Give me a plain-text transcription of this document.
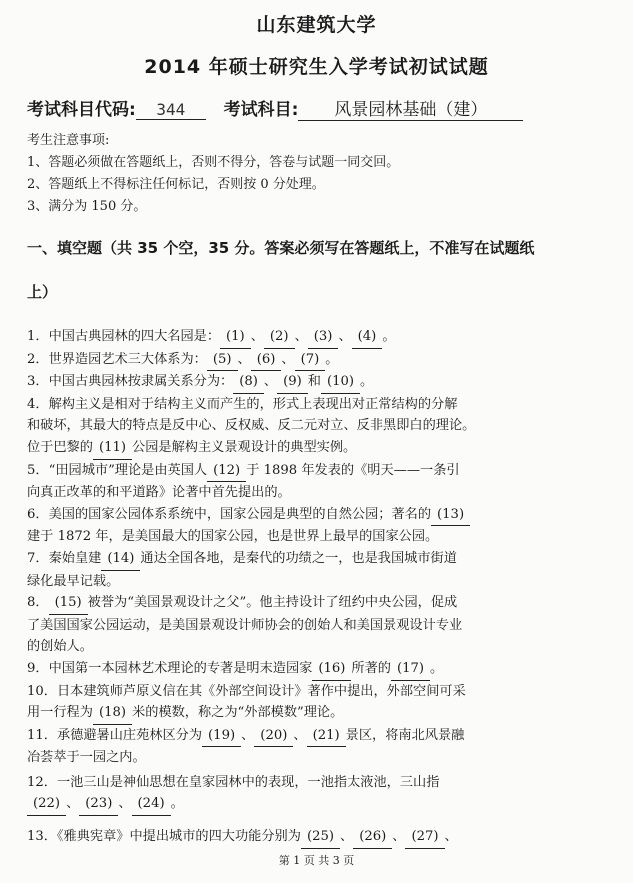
山东建筑大学
2014 年硕士研究生入学考试初试试题
考试科目代码: 344 考试科目: 风景园林基础（建）
考生注意事项:
1、答题必须做在答题纸上，否则不得分，答卷与试题一同交回。
2、答题纸上不得标注任何标记，否则按 0 分处理。
3、满分为 150 分。
一、填空题（共 35 个空，35 分。答案必须写在答题纸上，不准写在试题纸
上）
1．中国古典园林的四大名园是： (1) 、 (2) 、 (3) 、 (4) 。
2．世界造园艺术三大体系为： (5) 、 (6) 、 (7) 。
3．中国古典园林按隶属关系分为： (8) 、 (9) 和 (10) 。
4．解构主义是相对于结构主义而产生的，形式上表现出对正常结构的分解
和破坏，其最大的特点是反中心、反权威、反二元对立、反非黑即白的理论。
位于巴黎的 (11) 公园是解构主义景观设计的典型实例。
5．“田园城市”理论是由英国人 (12) 于 1898 年发表的《明天——一条引
向真正改革的和平道路》论著中首先提出的。
6．美国的国家公园体系系统中，国家公园是典型的自然公园；著名的 (13)
建于 1872 年，是美国最大的国家公园，也是世界上最早的国家公园。
7．秦始皇建 (14) 通达全国各地，是秦代的功绩之一，也是我国城市街道
绿化最早记载。
8． (15) 被誉为“美国景观设计之父”。他主持设计了纽约中央公园，促成
了美国国家公园运动，是美国景观设计师协会的创始人和美国景观设计专业
的创始人。
9．中国第一本园林艺术理论的专著是明末造园家 (16) 所著的 (17) 。
10．日本建筑师芦原义信在其《外部空间设计》著作中提出，外部空间可采
用一行程为 (18) 米的模数，称之为“外部模数”理论。
11．承德避暑山庄苑林区分为 (19) 、 (20) 、 (21) 景区，将南北风景融
冶荟萃于一园之内。
12．一池三山是神仙思想在皇家园林中的表现，一池指太液池，三山指
(22) 、 (23) 、 (24) 。
13．《雅典宪章》中提出城市的四大功能分别为 (25) 、 (26) 、 (27) 、
第 1 页 共 3 页
